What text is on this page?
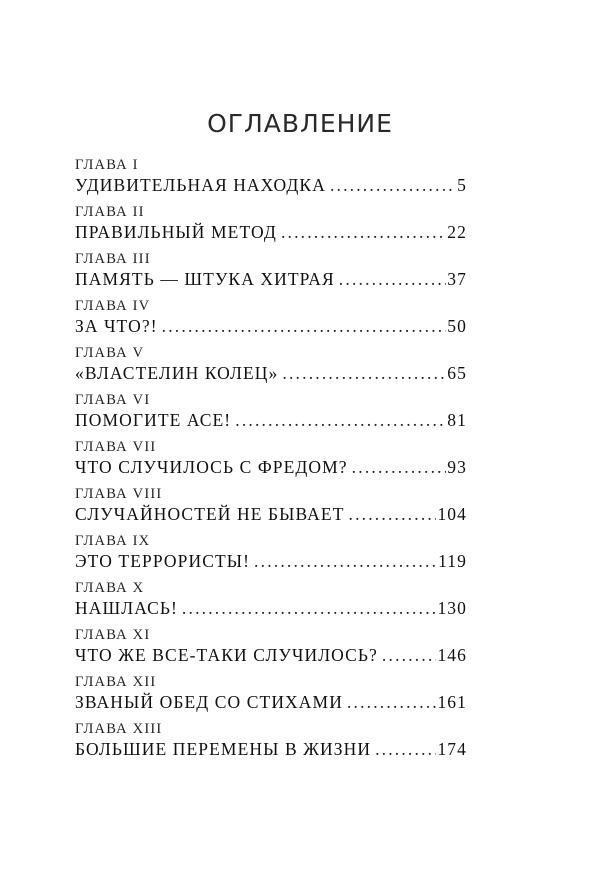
ОГЛАВЛЕНИЕ
ГЛАВА I
УДИВИТЕЛЬНАЯ НАХОДКА .....	5
ГЛАВА II
ПРАВИЛЬНЫЙ МЕТОД .....	22
ГЛАВА III
ПАМЯТЬ — ШТУКА ХИТРАЯ .....	37
ГЛАВА IV
ЗА ЧТО?! .....	50
ГЛАВА V
«ВЛАСТЕЛИН КОЛЕЦ» .....	65
ГЛАВА VI
ПОМОГИТЕ АСЕ! .....	81
ГЛАВА VII
ЧТО СЛУЧИЛОСЬ С ФРЕДОМ? .....	93
ГЛАВА VIII
СЛУЧАЙНОСТЕЙ НЕ БЫВАЕТ .....	104
ГЛАВА IX
ЭТО ТЕРРОРИСТЫ! .....	119
ГЛАВА X
НАШЛАСЬ! .....	130
ГЛАВА XI
ЧТО ЖЕ ВСЕ-ТАКИ СЛУЧИЛОСЬ? .....	146
ГЛАВА XII
ЗВАНЫЙ ОБЕД СО СТИХАМИ .....	161
ГЛАВА XIII
БОЛЬШИЕ ПЕРЕМЕНЫ В ЖИЗНИ .....	174
